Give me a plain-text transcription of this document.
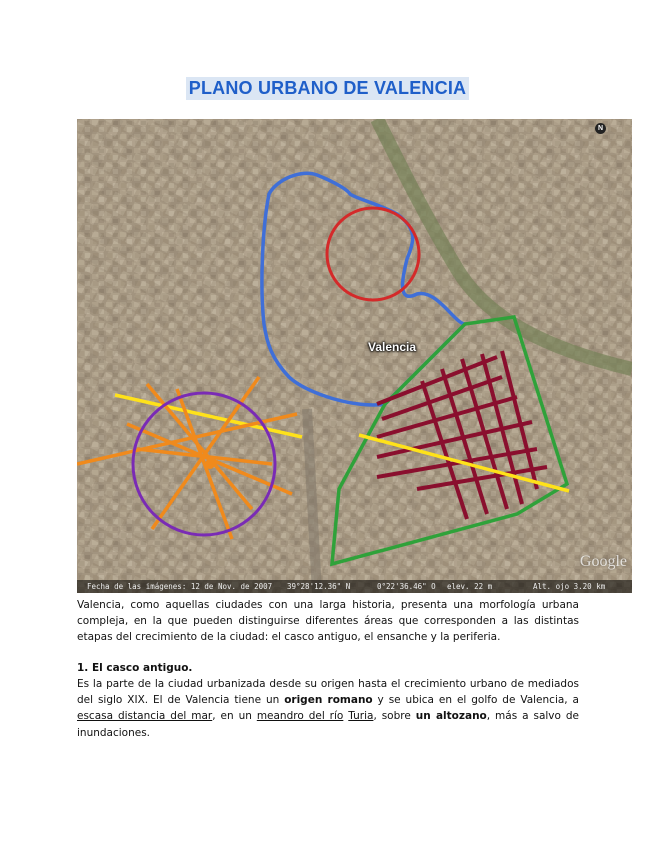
PLANO URBANO DE VALENCIA
N
Valencia
Google
Fecha de las imágenes: 12 de Nov. de 2007 39°28'12.36" N	0°22'36.46" O elev. 22 m	Alt. ojo 3.20 km
Valencia, como aquellas ciudades con una larga historia, presenta una morfología urbana compleja, en la que pueden distinguirse diferentes áreas que corresponden a las distintas etapas del crecimiento de la ciudad: el casco antiguo, el ensanche y la periferia.
1. El casco antiguo.
Es la parte de la ciudad urbanizada desde su origen hasta el crecimiento urbano de mediados del siglo XIX. El de Valencia tiene un origen romano y se ubica en el golfo de Valencia, a escasa distancia del mar, en un meandro del río Turia, sobre un altozano, más a salvo de inundaciones.
